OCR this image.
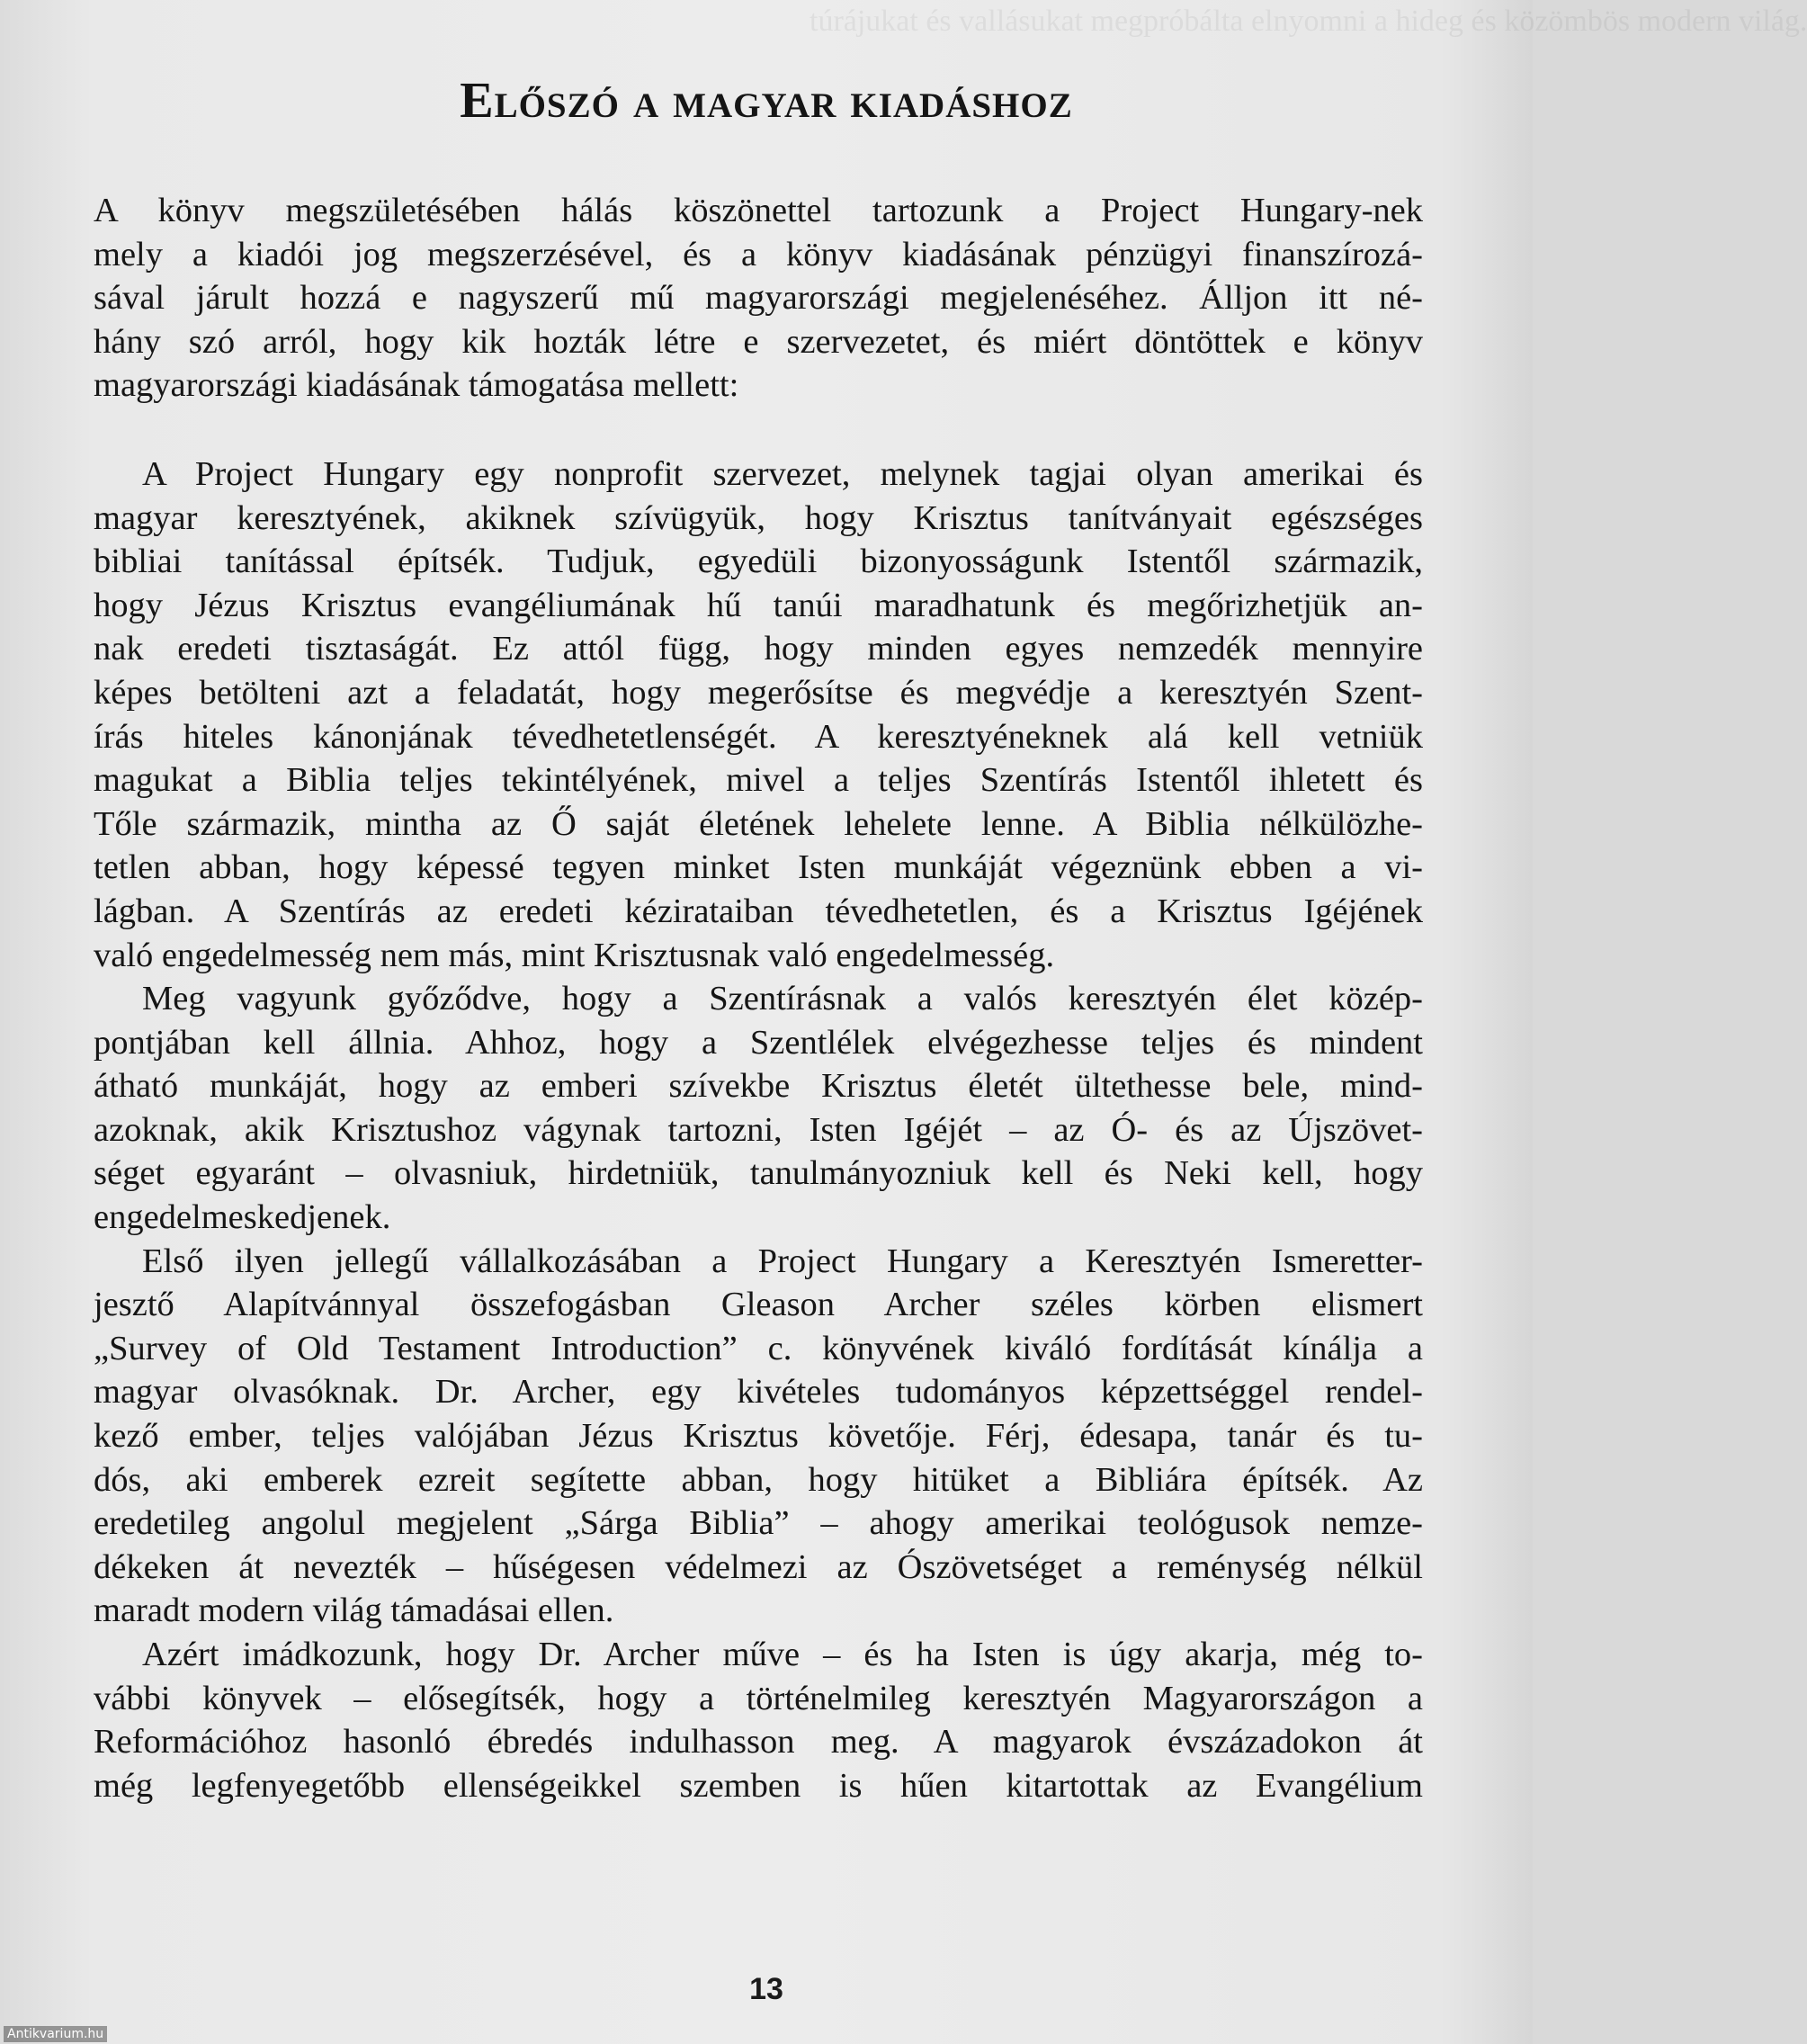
túrájukat és vallásukat megpróbálta elnyomni a hideg és közömbös modern világ.
Előszó a magyar kiadáshoz

A könyv megszületésében hálás köszönettel tartozunk a Project Hungary-nek
mely a kiadói jog megszerzésével, és a könyv kiadásának pénzügyi finanszírozá-
sával járult hozzá e nagyszerű mű magyarországi megjelenéséhez. Álljon itt né-
hány szó arról, hogy kik hozták létre e szervezetet, és miért döntöttek e könyv
magyarországi kiadásának támogatása mellett:

A Project Hungary egy nonprofit szervezet, melynek tagjai olyan amerikai és
magyar keresztyének, akiknek szívügyük, hogy Krisztus tanítványait egészséges
bibliai tanítással építsék. Tudjuk, egyedüli bizonyosságunk Istentől származik,
hogy Jézus Krisztus evangéliumának hű tanúi maradhatunk és megőrizhetjük an-
nak eredeti tisztaságát. Ez attól függ, hogy minden egyes nemzedék mennyire
képes betölteni azt a feladatát, hogy megerősítse és megvédje a keresztyén Szent-
írás hiteles kánonjának tévedhetetlenségét. A keresztyéneknek alá kell vetniük
magukat a Biblia teljes tekintélyének, mivel a teljes Szentírás Istentől ihletett és
Tőle származik, mintha az Ő saját életének lehelete lenne. A Biblia nélkülözhe-
tetlen abban, hogy képessé tegyen minket Isten munkáját végeznünk ebben a vi-
lágban. A Szentírás az eredeti kézirataiban tévedhetetlen, és a Krisztus Igéjének
való engedelmesség nem más, mint Krisztusnak való engedelmesség.

Meg vagyunk győződve, hogy a Szentírásnak a valós keresztyén élet közép-
pontjában kell állnia. Ahhoz, hogy a Szentlélek elvégezhesse teljes és mindent
átható munkáját, hogy az emberi szívekbe Krisztus életét ültethesse bele, mind-
azoknak, akik Krisztushoz vágynak tartozni, Isten Igéjét – az Ó- és az Újszövet-
séget egyaránt – olvasniuk, hirdetniük, tanulmányozniuk kell és Neki kell, hogy
engedelmeskedjenek.

Első ilyen jellegű vállalkozásában a Project Hungary a Keresztyén Ismeretter-
jesztő Alapítvánnyal összefogásban Gleason Archer széles körben elismert
„Survey of Old Testament Introduction” c. könyvének kiváló fordítását kínálja a
magyar olvasóknak. Dr. Archer, egy kivételes tudományos képzettséggel rendel-
kező ember, teljes valójában Jézus Krisztus követője. Férj, édesapa, tanár és tu-
dós, aki emberek ezreit segítette abban, hogy hitüket a Bibliára építsék. Az
eredetileg angolul megjelent „Sárga Biblia” – ahogy amerikai teológusok nemze-
dékeken át nevezték – hűségesen védelmezi az Ószövetséget a reménység nélkül
maradt modern világ támadásai ellen.

Azért imádkozunk, hogy Dr. Archer műve – és ha Isten is úgy akarja, még to-
vábbi könyvek – elősegítsék, hogy a történelmileg keresztyén Magyarországon a
Reformációhoz hasonló ébredés indulhasson meg. A magyarok évszázadokon át
még legfenyegetőbb ellenségeikkel szemben is hűen kitartottak az Evangélium

13
Antikvarium.hu
